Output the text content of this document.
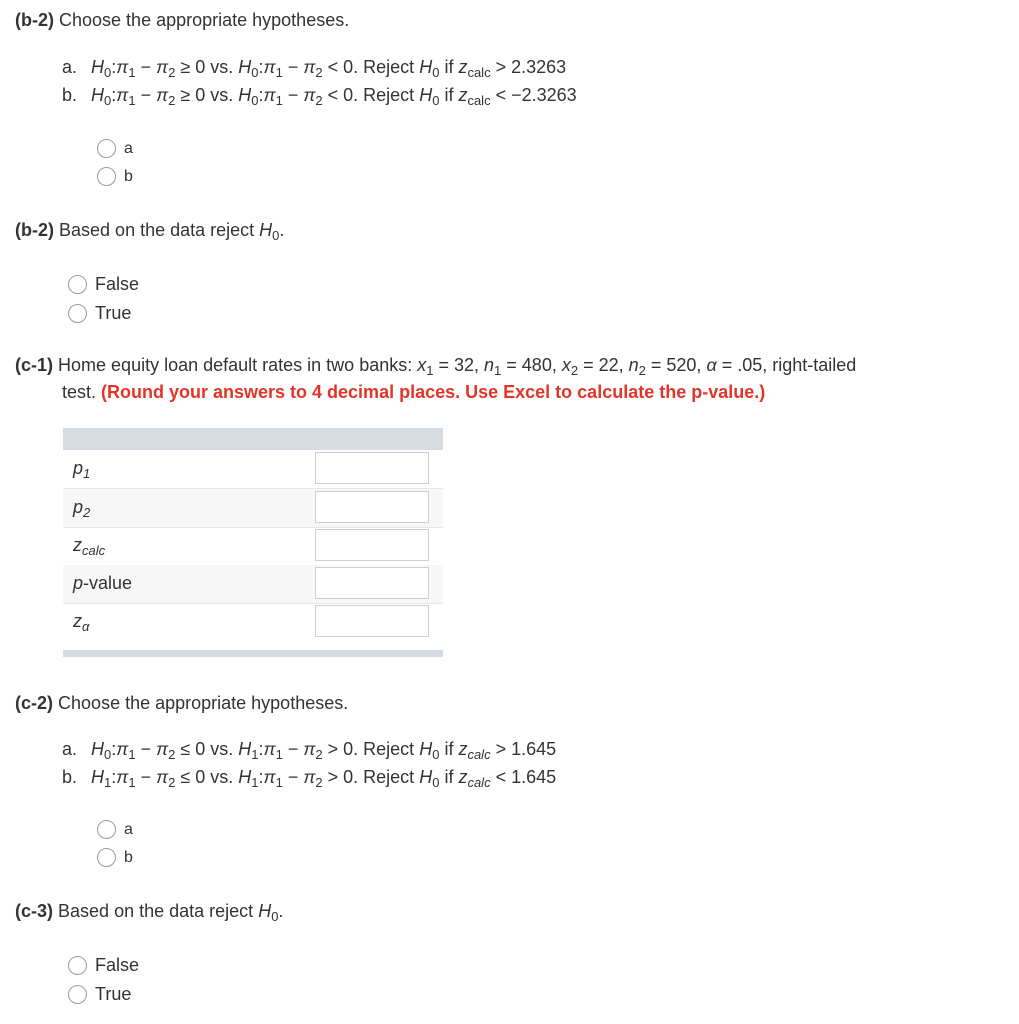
(b-2) Choose the appropriate hypotheses.
a. $H_0:\pi_1 - \pi_2 \ge 0$ vs. $H_0:\pi_1 - \pi_2 < 0$. Reject $H_0$ if $z_{calc} > 2.3263$
b. $H_0:\pi_1 - \pi_2 \ge 0$ vs. $H_0:\pi_1 - \pi_2 < 0$. Reject $H_0$ if $z_{calc} < -2.3263$
a
b
(b-2) Based on the data reject $H_0$.
False
True
(c-1) Home equity loan default rates in two banks: $x_1 = 32$, $n_1 = 480$, $x_2 = 22$, $n_2 = 520$, α = .05, right-tailed
test. (Round your answers to 4 decimal places. Use Excel to calculate the p-value.)
$p_1$
$p_2$
$z_{calc}$
p-value
$z_\alpha$
(c-2) Choose the appropriate hypotheses.
a. $H_0:\pi_1 - \pi_2 \le 0$ vs. $H_1:\pi_1 - \pi_2 > 0$. Reject $H_0$ if $z_{calc} > 1.645$
b. $H_1:\pi_1 - \pi_2 \le 0$ vs. $H_1:\pi_1 - \pi_2 > 0$. Reject $H_0$ if $z_{calc} < 1.645$
a
b
(c-3) Based on the data reject $H_0$.
False
True
